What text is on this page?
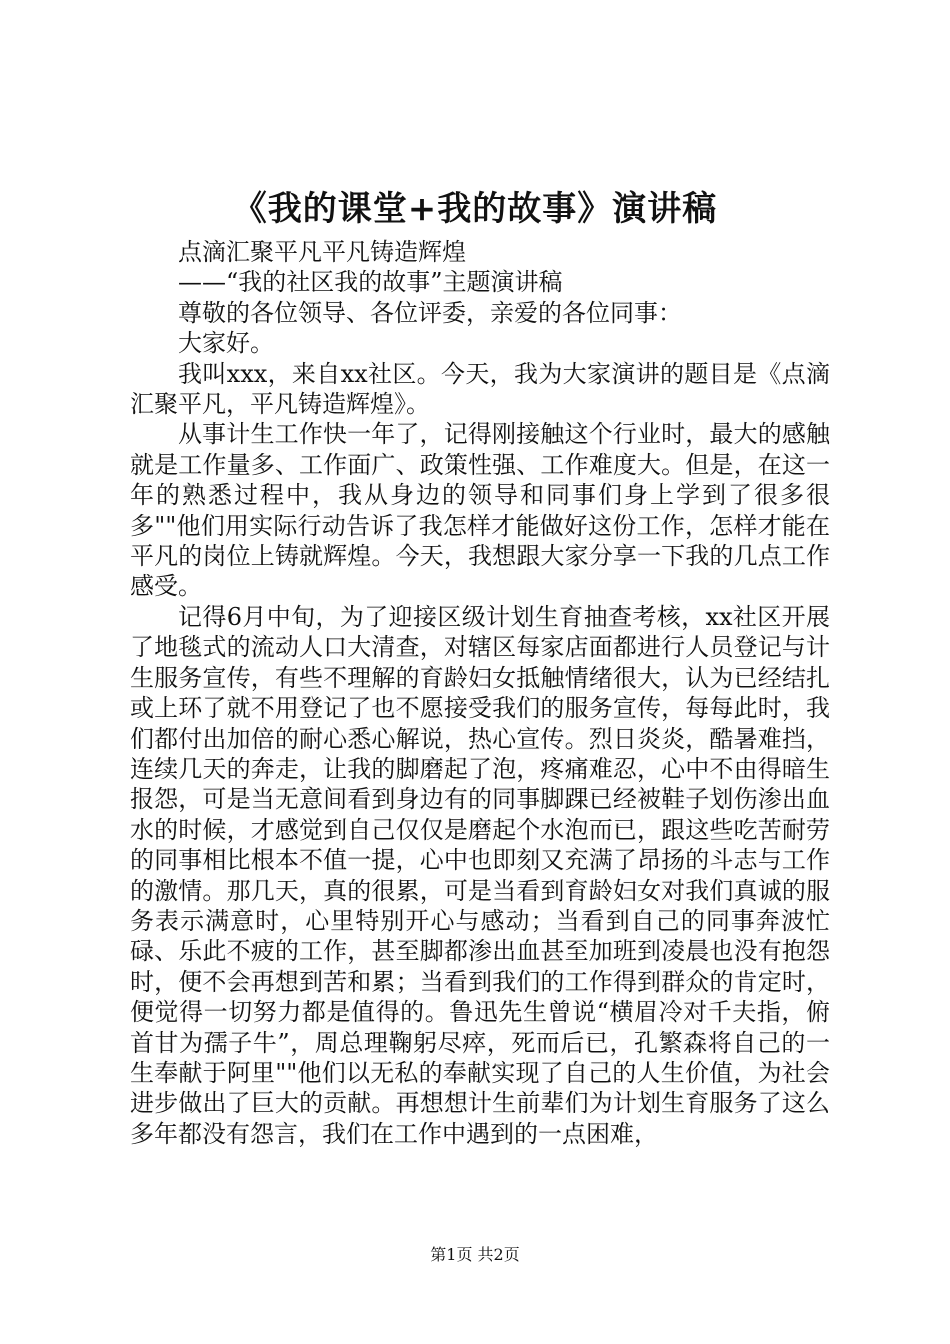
《我的课堂+我的故事》演讲稿

点滴汇聚平凡平凡铸造辉煌

——“我的社区我的故事”主题演讲稿

尊敬的各位领导、各位评委，亲爱的各位同事：

大家好。

我叫xxx，来自xx社区。今天，我为大家演讲的题目是《点滴汇聚平凡，平凡铸造辉煌》。

从事计生工作快一年了，记得刚接触这个行业时，最大的感触就是工作量多、工作面广、政策性强、工作难度大。但是，在这一年的熟悉过程中，我从身边的领导和同事们身上学到了很多很多""他们用实际行动告诉了我怎样才能做好这份工作，怎样才能在平凡的岗位上铸就辉煌。今天，我想跟大家分享一下我的几点工作感受。

记得6月中旬，为了迎接区级计划生育抽查考核，xx社区开展了地毯式的流动人口大清查，对辖区每家店面都进行人员登记与计生服务宣传，有些不理解的育龄妇女抵触情绪很大，认为已经结扎或上环了就不用登记了也不愿接受我们的服务宣传，每每此时，我们都付出加倍的耐心悉心解说，热心宣传。烈日炎炎，酷暑难挡，连续几天的奔走，让我的脚磨起了泡，疼痛难忍，心中不由得暗生报怨，可是当无意间看到身边有的同事脚踝已经被鞋子划伤渗出血水的时候，才感觉到自己仅仅是磨起个水泡而已，跟这些吃苦耐劳的同事相比根本不值一提，心中也即刻又充满了昂扬的斗志与工作的激情。那几天，真的很累，可是当看到育龄妇女对我们真诚的服务表示满意时，心里特别开心与感动；当看到自己的同事奔波忙碌、乐此不疲的工作，甚至脚都渗出血甚至加班到凌晨也没有抱怨时，便不会再想到苦和累；当看到我们的工作得到群众的肯定时，便觉得一切努力都是值得的。鲁迅先生曾说“横眉冷对千夫指，俯首甘为孺子牛”，周总理鞠躬尽瘁，死而后已，孔繁森将自己的一生奉献于阿里""他们以无私的奉献实现了自己的人生价值，为社会进步做出了巨大的贡献。再想想计生前辈们为计划生育服务了这么多年都没有怨言，我们在工作中遇到的一点困难，

第1页 共2页
